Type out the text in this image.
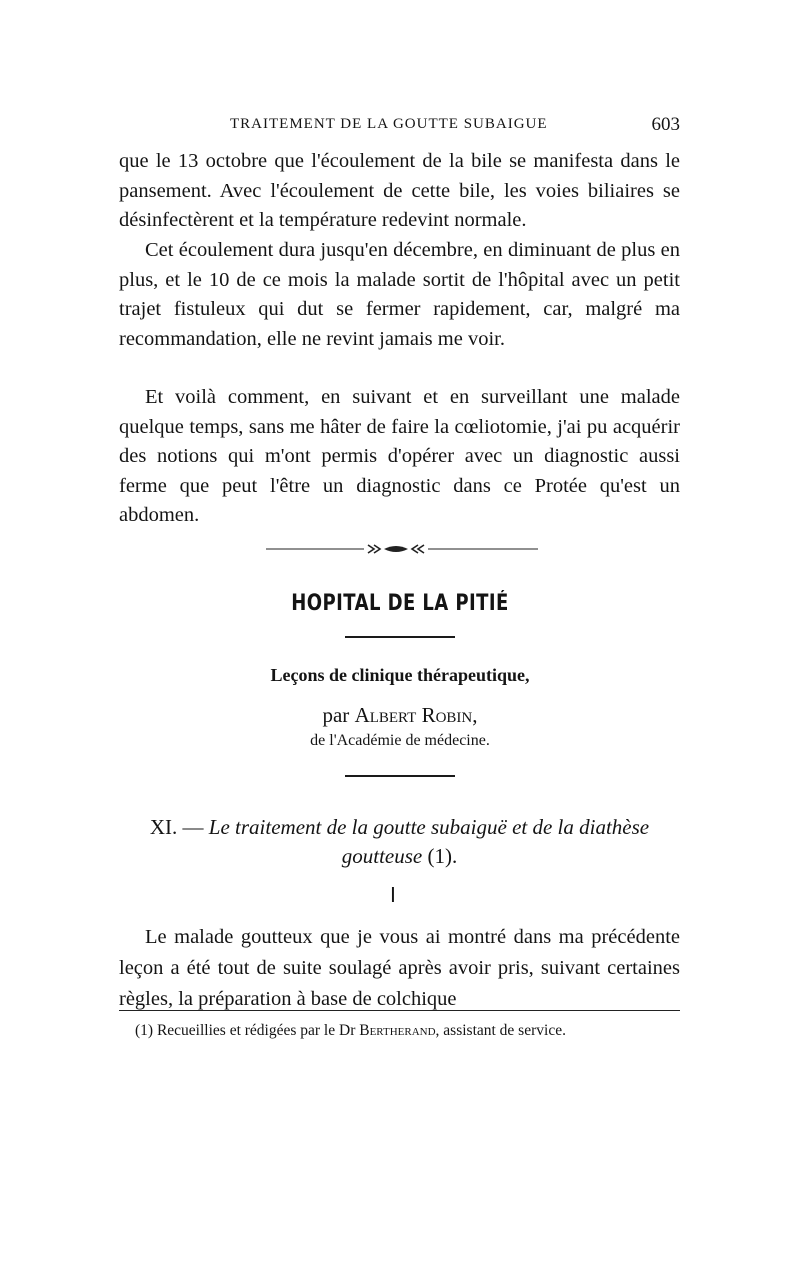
TRAITEMENT DE LA GOUTTE SUBAIGUE	603

que le 13 octobre que l'écoulement de la bile se manifesta dans le pansement. Avec l'écoulement de cette bile, les voies biliaires se désinfectèrent et la température redevint normale.

Cet écoulement dura jusqu'en décembre, en diminuant de plus en plus, et le 10 de ce mois la malade sortit de l'hôpital avec un petit trajet fistuleux qui dut se fermer rapidement, car, malgré ma recommandation, elle ne revint jamais me voir.

Et voilà comment, en suivant et en surveillant une malade quelque temps, sans me hâter de faire la cœliotomie, j'ai pu acquérir des notions qui m'ont permis d'opérer avec un diagnostic aussi ferme que peut l'être un diagnostic dans ce Protée qu'est un abdomen.

HOPITAL DE LA PITIÉ
Leçons de clinique thérapeutique,
par Albert Robin,
de l'Académie de médecine.
XI. — Le traitement de la goutte subaiguë et de la diathèse goutteuse (1).
I

Le malade goutteux que je vous ai montré dans ma précédente leçon a été tout de suite soulagé après avoir pris, suivant certaines règles, la préparation à base de colchique

(1) Recueillies et rédigées par le Dr Bertherand, assistant de service.
